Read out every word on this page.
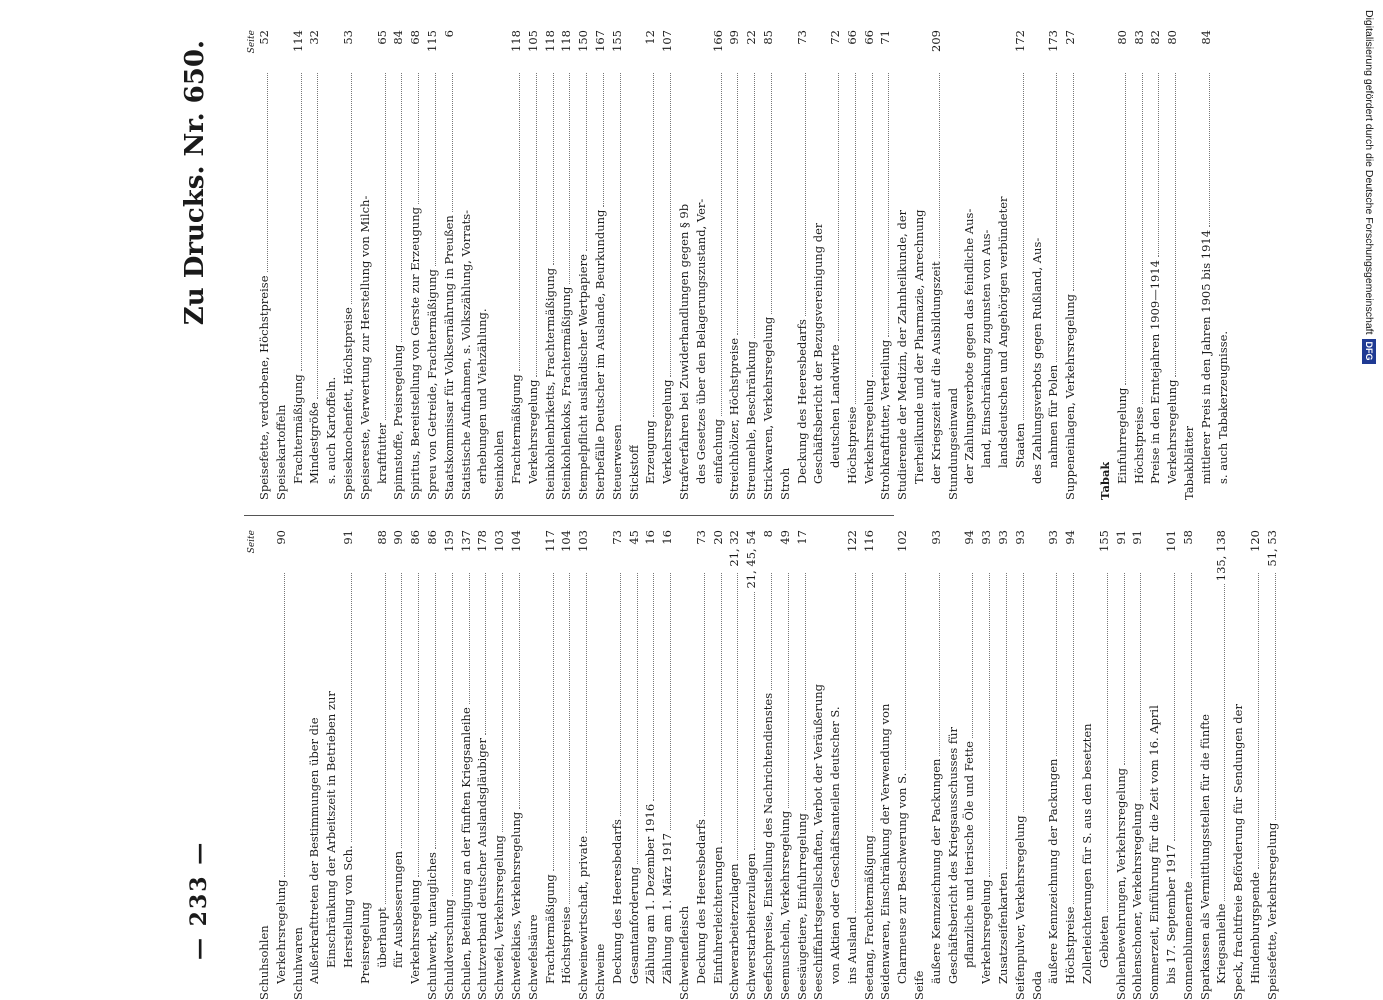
— 233 —
Zu Drucks. Nr. 650.
Seite
Schuhsohlen Verkehrsregelung
90
Schuhwaren Außerkrafttreten der Bestimmungen über die Einschränkung der Arbeitszeit in Betrieben zur Herstellung von Sch.
91
Preisregelung überhaupt
88
für Ausbesserungen
90
Verkehrsregelung
86
Schuhwerk, untaugliches
86
Schuldverschung
159
Schulen, Beteiligung an der fünften Kriegsanleihe
137
Schutzverband deutscher Auslandsgläubiger
178
Schwefel, Verkehrsregelung
103
Schwefelkies, Verkehrsregelung
104
Schwefelsäure Frachtermäßigung
117
Höchstpreise
104
Schweinewirtschaft, private
103
Schweine Deckung des Heeresbedarfs
73
Gesamtanforderung
45
Zählung am 1. Dezember 1916
16
Zählung am 1. März 1917
16
Schweinefleisch Deckung des Heeresbedarfs
73
Einfuhrerleichterungen
20
Schwerarbeiterzulagen
21, 32
Schwerstarbeiterzulagen
21, 45, 54
Seefischpreise, Einstellung des Nachrichtendienstes
8
Seemuscheln, Verkehrsregelung
49
Seesäugetiere, Einfuhrregelung
17
Seeschiffahrtsgesellschaften, Verbot der Veräußerung von Aktien oder Geschäftsanteilen deutscher S. ins Ausland
122
Seetang, Frachtermäßigung
116
Seidenwaren, Einschränkung der Verwendung von Charmeuse zur Beschwerung von S.
102
Seife
äußere Kennzeichnung der Packungen
93
Geschäftsbericht des Kriegsausschusses für pflanzliche und tierische Öle und Fette
94
Verkehrsregelung
93
Zusatzseifenkarten
93
Seifenpulver, Verkehrsregelung
93
Soda
äußere Kennzeichnung der Packungen
93
Höchstpreise
94
Zollerleichterungen für S. aus den besetzten Gebieten
155
Sohlenbewehrungen, Verkehrsregelung
91
Sohlenschoner, Verkehrsregelung
91
Sommerzeit, Einführung für die Zeit vom 16. April bis 17. September 1917
101
Sonnenblumenernte
58
Sparkassen als Vermittlungsstellen für die fünfte Kriegsanleihe
135, 138
Speck, frachtfreie Beförderung für Sendungen der Hindenburgspende
120
Speisefette, Verkehrsregelung
51, 53
Seite
Speisefette, verdorbene, Höchstpreise
52
Speisekartoffeln Frachtermäßigung
114
Mindestgröße
32
s. auch Kartoffeln. Speiseknochenfett, Höchstpreise
53
Speisereste, Verwertung zur Herstellung von Milch- kraftfutter
65
Spinnstoffe, Preisregelung
84
Spiritus, Bereitstellung von Gerste zur Erzeugung
68
Spreu von Getreide, Frachtermäßigung
115
Staatskommissar für Volksernährung in Preußen
6
Statistische Aufnahmen, s. Volkszählung, Vorrats- erhebungen und Viehzählung. Steinkohlen Frachtermäßigung
118
Verkehrsregelung
105
Steinkohlenbriketts, Frachtermäßigung
118
Steinkohlenkoks, Frachtermäßigung
118
Stempelpflicht ausländischer Wertpapiere
150
Sterbefälle Deutscher im Auslande, Beurkundung
167
Steuerwesen
155
Stickstoff Erzeugung
12
Verkehrsregelung
107
Strafverfahren bei Zuwiderhandlungen gegen § 9b des Gesetzes über den Belagerungszustand, Ver- einfachung
166
Streichhölzer, Höchstpreise
99
Streumehle, Beschränkung
22
Strickwaren, Verkehrsregelung
85
Stroh Deckung des Heeresbedarfs
73
Geschäftsbericht der Bezugsvereinigung der deutschen Landwirte
72
Höchstpreise
66
Verkehrsregelung
66
Strohkraftfutter, Verteilung
71
Studierende der Medizin, der Zahnheilkunde, der Tierheilkunde und der Pharmazie, Anrechnung der Kriegszeit auf die Ausbildungszeit
209
Stundungseinwand der Zahlungsverbote gegen das feindliche Aus- land, Einschränkung zugunsten von Aus- landsdeutschen und Angehörigen verbündeter Staaten
172
des Zahlungsverbots gegen Rußland, Aus- nahmen für Polen
173
Suppeneinlagen, Verkehrsregelung
27
Tabak Einfuhrregelung
80
Höchstpreise
83
Preise in den Erntejahren 1909—1914
82
Verkehrsregelung
80
Tabakblätter mittlerer Preis in den Jahren 1905 bis 1914
84
s. auch Tabakerzeugnisse.
Digitalisierung gefördert durch die Deutsche ForschungsgemeinschaftDFG
